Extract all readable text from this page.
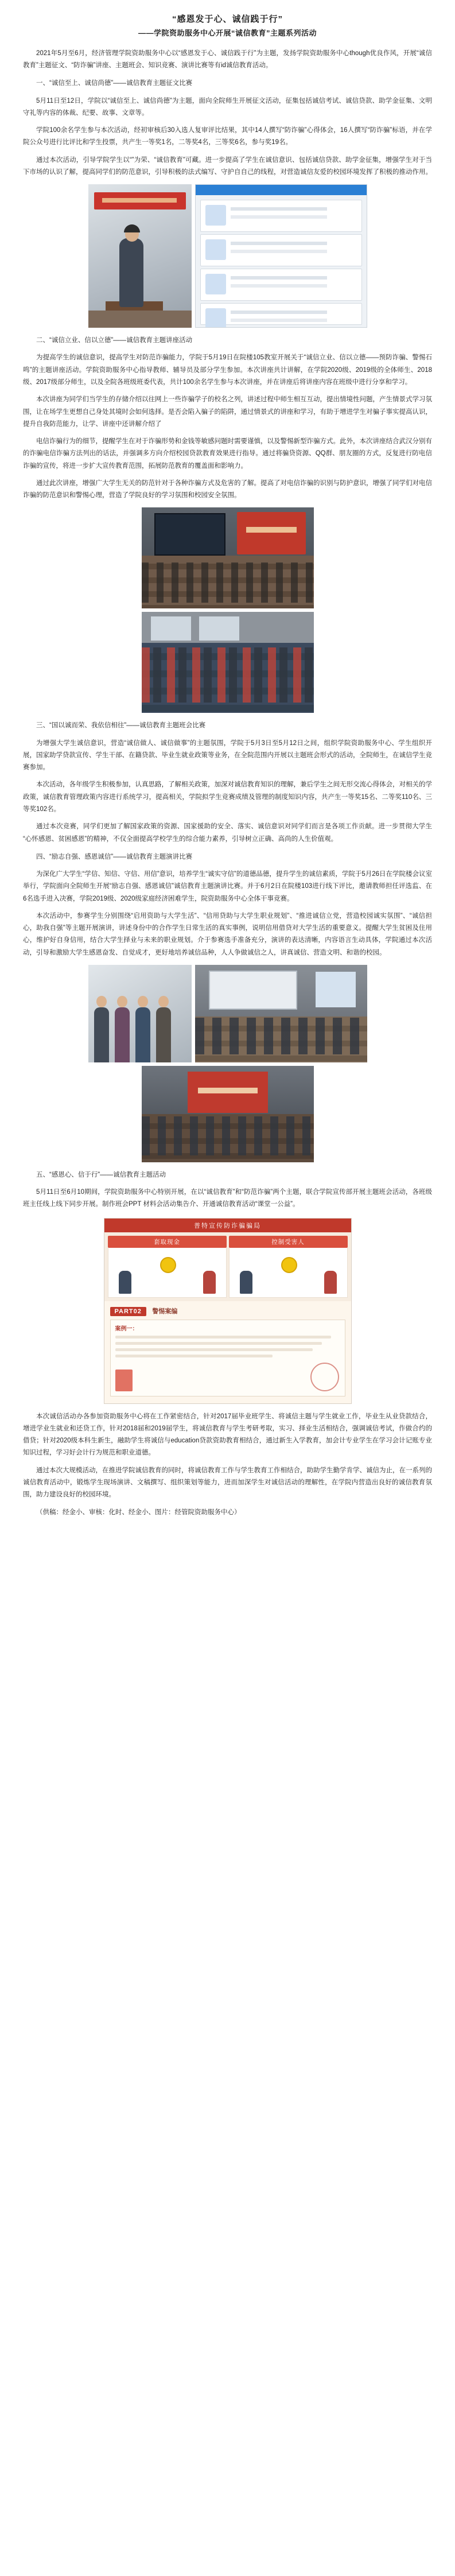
“感恩发于心、诚信践于行”
——学院资助服务中心开展“诚信教育”主题系列活动

2021年5月至6月，经济管理学院资助服务中心以“感恩发于心、诚信践于行”为主题，发扬学院资助服务中心though优良作风，开展“诚信教育”主题征文、“防诈骗”讲座、主题班会、知识竞赛、演讲比赛等有id诚信教育活动。

一、“诚信至上、诚信尚德”——诚信教育主题征文比赛

5月11日至12日，学院以“诚信至上、诚信尚德”为主题，面向全院师生开展征文活动，征集包括诚信考试、诚信贷款、助学金征集、文明守礼等内容的体裁、纪要、故事、文章等。

学院100余名学生参与本次活动，经初审核后30入选人复审评比结果，其中14人撰写“防诈骗”心得体会，16人撰写“防诈骗”标语，并在学院公众号进行比评比和学生投票，共产生一等奖1名，二等奖4名，三等奖6名，参与奖19名。

通过本次活动，引导学院学生以“”为荣、“诚信教育”可藏。进一步提高了学生在诚信意识、包括诚信贷款、助学金征集，增强学生对于当下市场的认识了解，提高同学们的防范意识，引导积极的法式编写、守护自自己的线程，对营造诚信友爱的校园环境发挥了积极的推动作用。

二、“诚信立业、信以立德”——诚信教育主题讲座活动

为提高学生的诚信意识，提高学生对防范诈骗能力，学院于5月19日在院楼105教室开展关于“诚信立业、信以立德——预防诈骗、警惕石鸣”的主题讲座活动。学院资助服务中心指导教师、辅导员及部分学生参加。本次讲座共计讲解，在学院2020级、2019级的全体师生、2018级、2017级部分师生，以及全院各班级班委代表，共计100余名学生参与本次讲座，并在讲座后将讲座内容在班级中进行分享和学习。

本次讲座为同学们当学生的存储介绍以往网上一些诈骗学子的校名之列，讲述过程中师生相互互动，提出情境性问题，产生情景式学习氛围，让在场学生更想自己身处其境时会如何选择。是否会陷入骗子的陷阱，通过情景式的讲座和学习，有助于增进学生对骗子事实提高认识，提升自我防范能力，让学、讲座中还讲解介绍了

电信诈骗行为的细节，提醒学生在对于诈骗形势和金钱等敏感问题时需要谨慎，以及警惕新型诈骗方式。此外，本次讲座结合武汉分别有的诈骗电信诈骗方法列出的话法，并强调多方向介绍校园贷款教育效果进行指导。通过将骗贷资源、QQ群、朋友圈的方式，反复进行防电信诈骗的宣传，将进一步扩大宣传教育范围，拓展防范教育的覆盖面和影响力。

通过此次讲座，增强广大学生无关的防范针对于各种诈骗方式及危害的了解。提高了对电信诈骗的识别与防护意识，增强了同学们对电信诈骗的防范意识和警惕心理，营造了学院良好的学习氛围和校园安全氛围。

三、“国以诚而荣、我依信相往”——诚信教育主题班会比赛

为增强大学生诚信意识，营造“诚信做人、诚信做事”的主题氛围，学院于5月3日至5月12日之间，组织学院资助服务中心、学生组织开展，国家助学贷款宣传、学生干部、在籍贷款、毕业生就业政策等业务，在全院范围内开展以主题班会形式的活动，全院师生，在诚信学生竞赛参加。

本次活动，各年级学生积极参加，认真思路，了解相关政策，加深对诚信教育知识的理解，兼后学生之间无形交流心得体会，对相关的学政策，诚信教育管理政策内容进行系统学习，提高相关，学院拟学生竞赛成绩及管理的制度知识内容，共产生一等奖15名、二等奖110名、三等奖102名。

通过本次竞赛，同学们更加了解国家政策的资源、国家援助的安全、落实、诚信意识对同学们而言是各项工作贡献。进一步贯彻大学生“心怀感恩、贫困感恩”的精神，不仅全面提高学校学生的综合能力素养，引导树立正确、高尚的人生价值观。

四、“励志自强、感恩诚信”——诚信教育主题演讲比赛

为深化广大学生“学信、知信、守信、用信”意识，培养学生“诚实守信”的道德品德，提升学生的诚信素质，学院于5月26日在学院楼会议室举行，学院面向全院师生开展“励志自强、感恩诚信”诚信教育主题演讲比赛。并于6月2日在院楼103进行线下评比，邀请教师担任评选监、在6名选手进入决赛，学院2019级、2020级家庭经济困难学生，院资助服务中心全体干事竞赛。

本次活动中，参赛学生分别围绕“启用资助与大学生活”、“信用贷助与大学生职业规划”、“推进诚信立党，营造校园诚实氛围”、“诚信担心，助我自强”等主题开展演讲，讲述身份中的合作学生日常生活的真实事例，说明信用借贷对大学生活的重要意义。提醒大学生贫困及住用心，维护好自身信用，结合大学生择业与未来的职业规划。介于参赛选手准备充分，演讲的表达清晰，内容语言生动具体，学院通过本次活动，引导和激励大学生感恩奋发、自觉成才，更好地培养诚信品种，人人争做诚信之人，讲真诚信、营造文明、和谐的校园。

五、“感恩心、信于行”——诚信教育主题活动

5月11日至6月10期间，学院资助服务中心特别开展，在以“诚信教育”和“防范诈骗”两个主题，联合学院宣传部开展主题班会活动，各班级班主任线上线下同步开展。制作班会PPT 材料会活动集告介、开通诚信教育活动“课堂一公益”。

普特宣传防诈骗骗局
套取现金	控制受害人
PART02 警惕案编
案例一：

本次诚信活动办各参加资助服务中心将在工作紧密结合，针对2017届毕业班学生、将诚信主题与学生就业工作，毕业生从业贷款结合，增进学业生就业和还贷工作，针对2018届和2019届学生，将诚信教育与学生考研考取，实习、择业生活相结合，强调诚信考试，作做合约的借贷；针对2020级本科生新生，融助学生将诚信与education贷款资助教育相结合，通过新生入学教育，加会计专业学生在学习会计记账专业知识过程，学习好会计行为规范和职业道德。

通过本次大规模活动，在推进学院诚信教育的同时，将诚信教育工作与学生教育工作相结合，助助学生勤学肯学、诚信为止，在一系列的诚信教育活动中，锻炼学生现场演讲、文稿撰写、组织策划等能力，进而加深学生对诚信活动的理解性，在学院内营造出良好的诚信教育氛围，助力建设良好的校园环境。

（供稿：经金小、审核：化时、经金小、图片：经管院资助服务中心）
